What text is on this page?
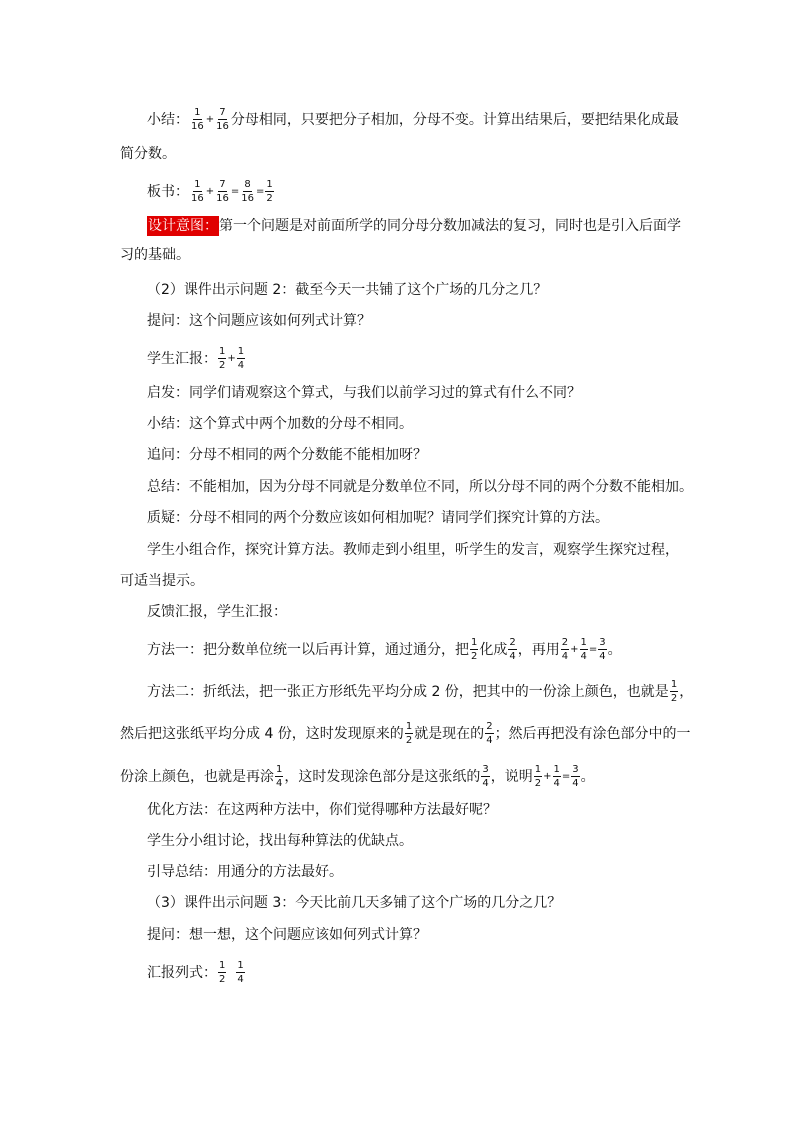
小结： $\frac{1}{16} + \frac{7}{16}$ 分母相同，只要把分子相加，分母不变。计算出结果后，要把结果化成最
简分数。
板书： $\frac{1}{16} + \frac{7}{16} = \frac{8}{16} = \frac{1}{2}$
设计意图： 第一个问题是对前面所学的同分母分数加减法的复习，同时也是引入后面学
习的基础。
（2）课件出示问题 2：截至今天一共铺了这个广场的几分之几？
提问：这个问题应该如何列式计算？
学生汇报： $\frac{1}{2} + \frac{1}{4}$
启发：同学们请观察这个算式，与我们以前学习过的算式有什么不同？
小结：这个算式中两个加数的分母不相同。
追问：分母不相同的两个分数能不能相加呀？
总结：不能相加，因为分母不同就是分数单位不同，所以分母不同的两个分数不能相加。
质疑：分母不相同的两个分数应该如何相加呢？请同学们探究计算的方法。
学生小组合作，探究计算方法。教师走到小组里，听学生的发言，观察学生探究过程，
可适当提示。
反馈汇报，学生汇报：
方法一：把分数单位统一以后再计算，通过通分，把 $\frac{1}{2}$ 化成 $\frac{2}{4}$ ，再用 $\frac{2}{4} + \frac{1}{4} = \frac{3}{4}$ 。
方法二：折纸法，把一张正方形纸先平均分成 2 份，把其中的一份涂上颜色，也就是 $\frac{1}{2}$ ，
然后把这张纸平均分成 4 份，这时发现原来的 $\frac{1}{2}$ 就是现在的 $\frac{2}{4}$ ；然后再把没有涂色部分中的一
份涂上颜色，也就是再涂 $\frac{1}{4}$ ，这时发现涂色部分是这张纸的 $\frac{3}{4}$ ，说明 $\frac{1}{2} + \frac{1}{4} = \frac{3}{4}$ 。
优化方法：在这两种方法中，你们觉得哪种方法最好呢？
学生分小组讨论，找出每种算法的优缺点。
引导总结：用通分的方法最好。
（3）课件出示问题 3：今天比前几天多铺了这个广场的几分之几？
提问：想一想，这个问题应该如何列式计算？
汇报列式： $\frac{1}{2} \frac{1}{4}$
